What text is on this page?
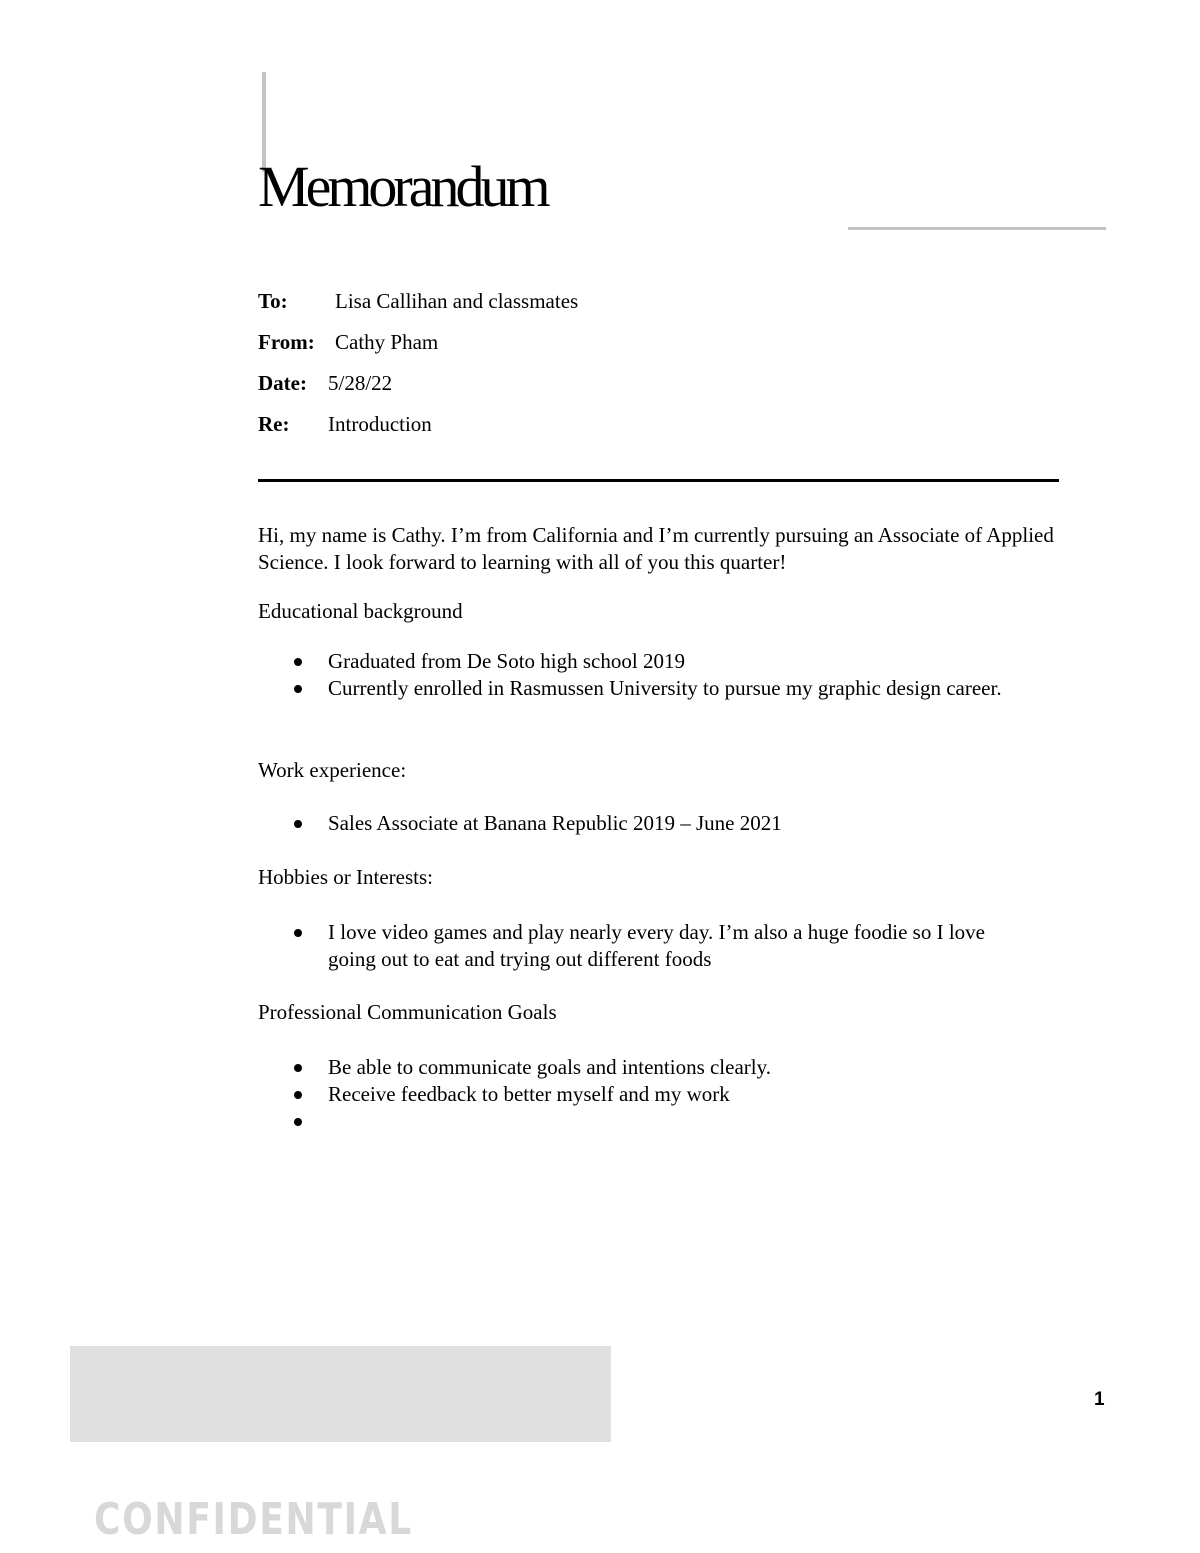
Memorandum
To: Lisa Callihan and classmates
From: Cathy Pham
Date: 5/28/22
Re: Introduction

Hi, my name is Cathy. I’m from California and I’m currently pursuing an Associate of Applied Science. I look forward to learning with all of you this quarter!

Educational background

Graduated from De Soto high school 2019
Currently enrolled in Rasmussen University to pursue my graphic design career.

Work experience:

Sales Associate at Banana Republic 2019 – June 2021

Hobbies or Interests:

I love video games and play nearly every day. I’m also a huge foodie so I love going out to eat and trying out different foods

Professional Communication Goals

Be able to communicate goals and intentions clearly.
Receive feedback to better myself and my work
1
CONFIDENTIAL
